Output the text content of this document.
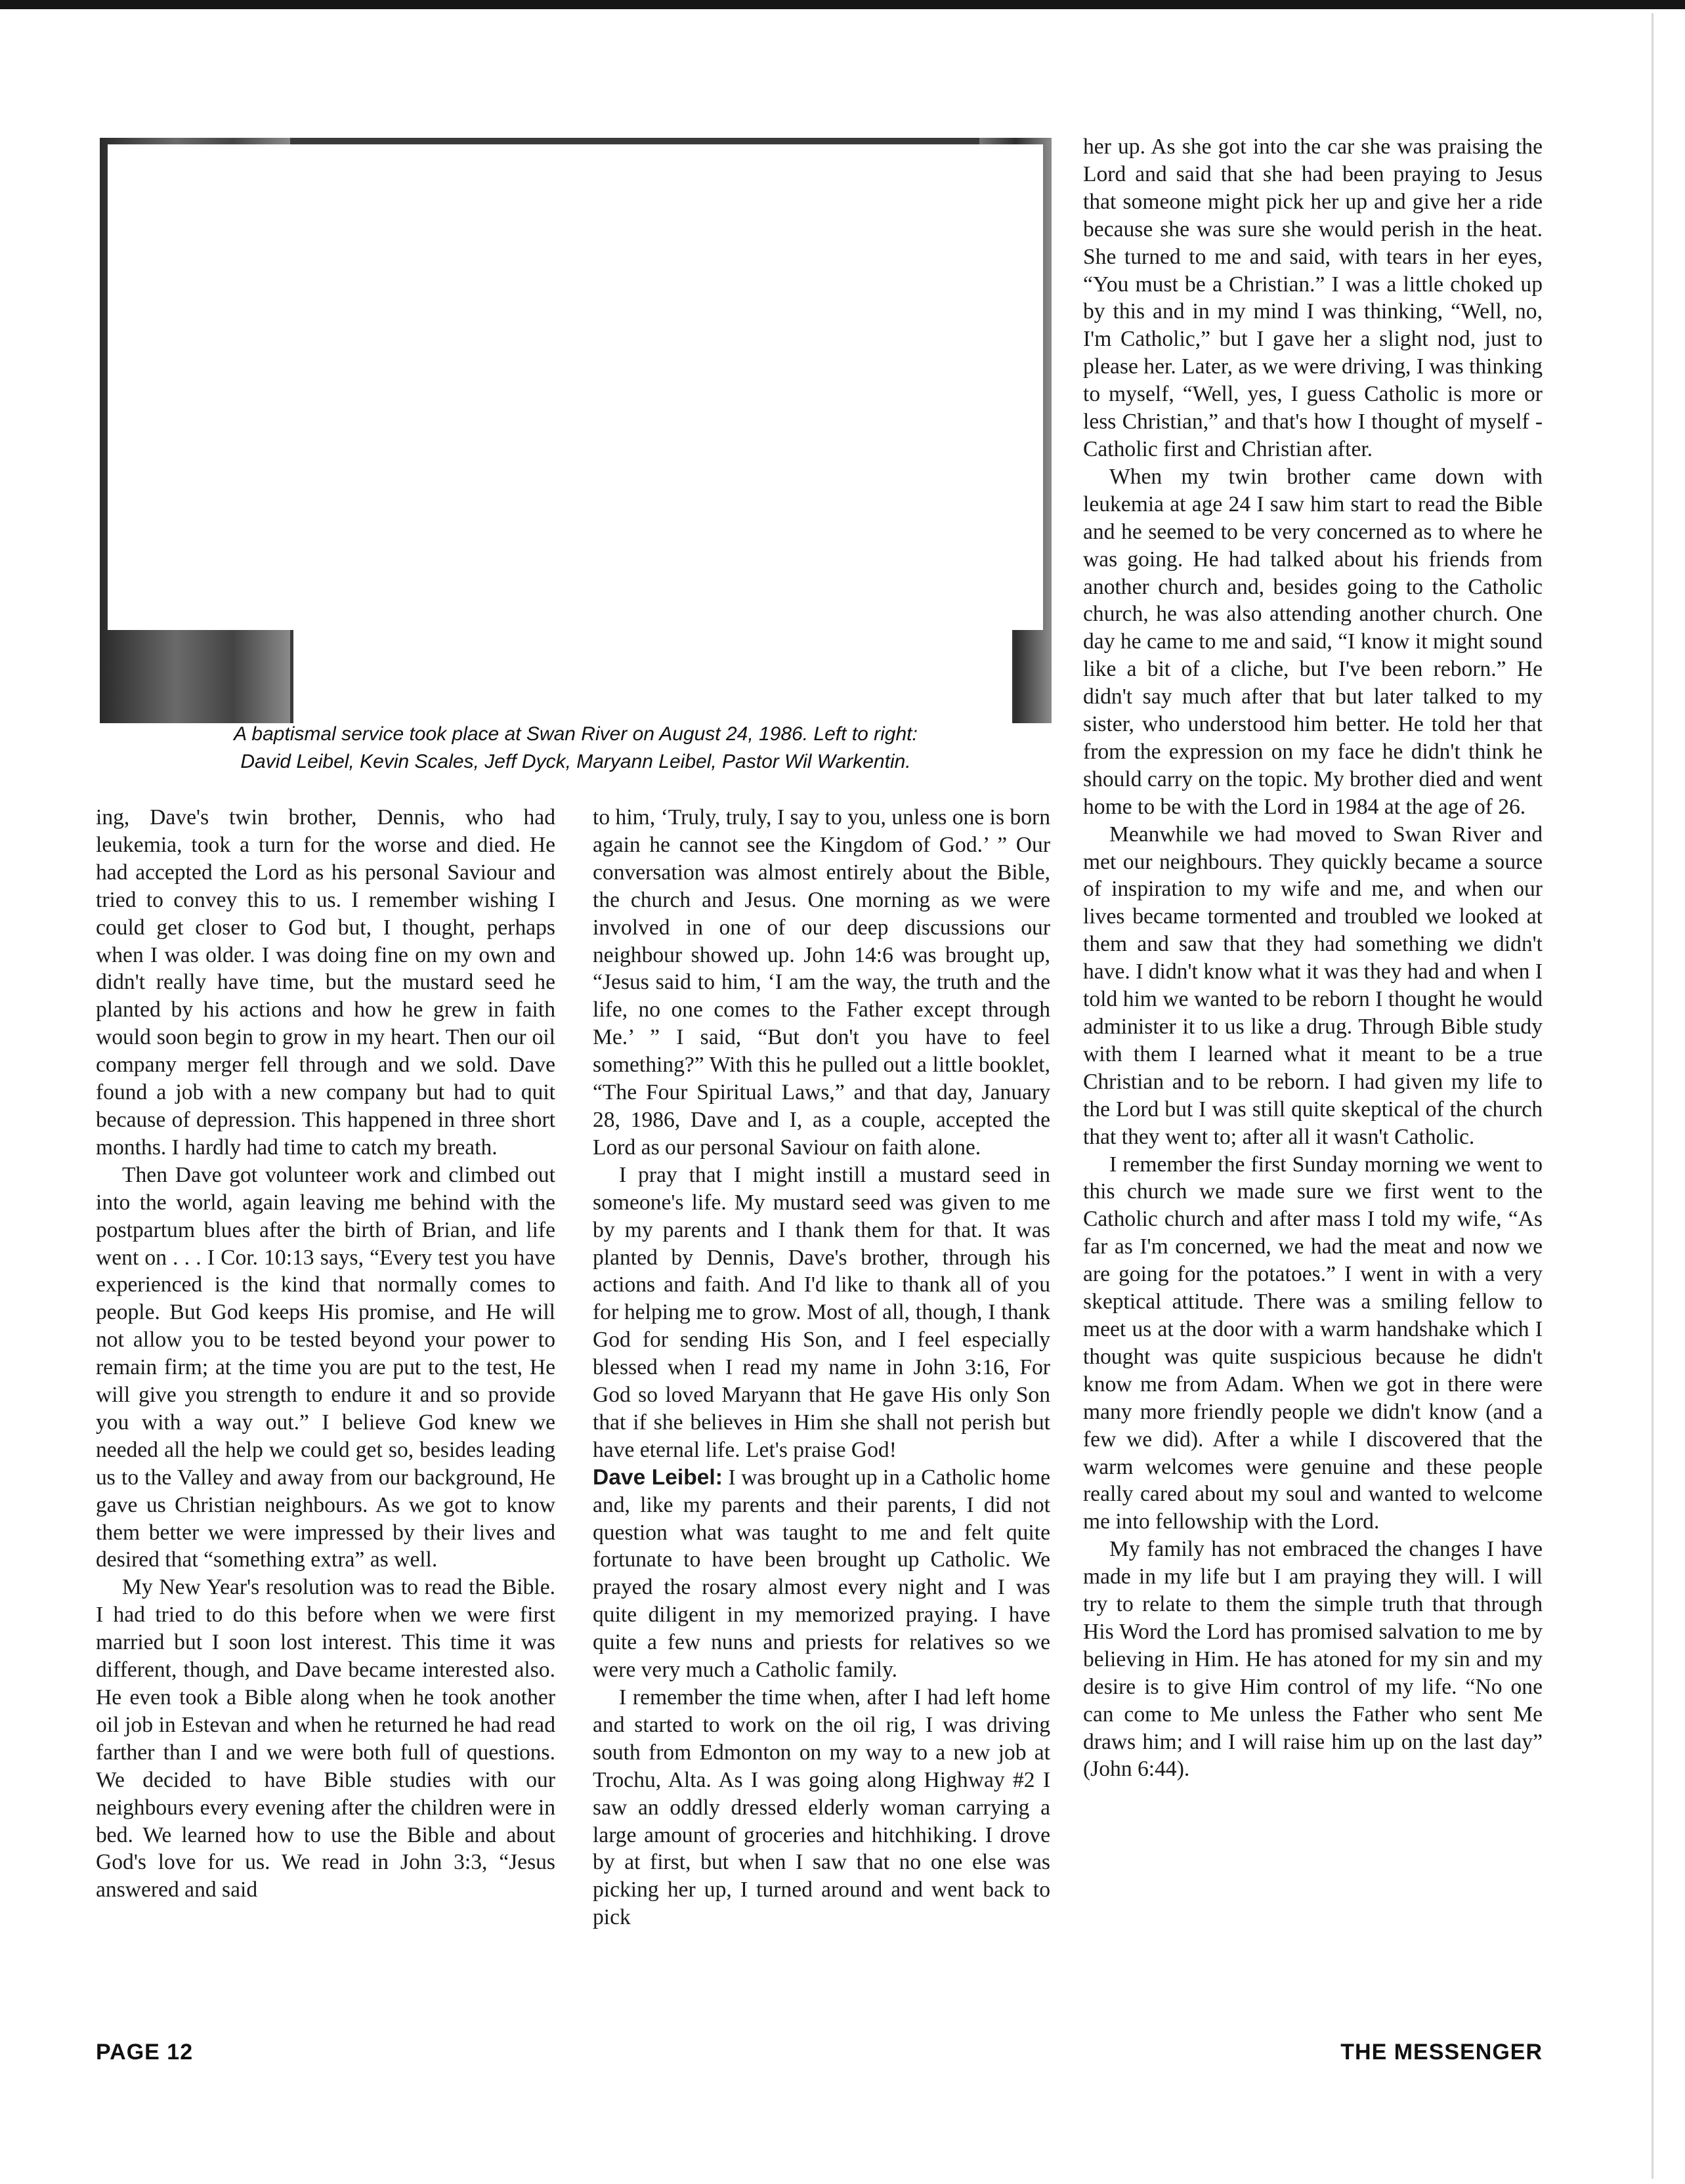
A baptismal service took place at Swan River on August 24, 1986. Left to right:
David Leibel, Kevin Scales, Jeff Dyck, Maryann Leibel, Pastor Wil Warkentin.

ing, Dave's twin brother, Dennis, who had leukemia, took a turn for the worse and died. He had accepted the Lord as his personal Saviour and tried to convey this to us. I remember wishing I could get closer to God but, I thought, perhaps when I was older. I was doing fine on my own and didn't really have time, but the mustard seed he planted by his actions and how he grew in faith would soon begin to grow in my heart. Then our oil company merger fell through and we sold. Dave found a job with a new company but had to quit because of depression. This happened in three short months. I hardly had time to catch my breath.

Then Dave got volunteer work and climbed out into the world, again leaving me behind with the postpartum blues after the birth of Brian, and life went on . . . I Cor. 10:13 says, “Every test you have experienced is the kind that normally comes to people. But God keeps His promise, and He will not allow you to be tested beyond your power to remain firm; at the time you are put to the test, He will give you strength to endure it and so provide you with a way out.” I believe God knew we needed all the help we could get so, besides leading us to the Valley and away from our background, He gave us Christian neighbours. As we got to know them better we were impressed by their lives and desired that “something extra” as well.

My New Year's resolution was to read the Bible. I had tried to do this before when we were first married but I soon lost interest. This time it was different, though, and Dave became interested also. He even took a Bible along when he took another oil job in Estevan and when he returned he had read farther than I and we were both full of questions. We decided to have Bible studies with our neighbours every evening after the children were in bed. We learned how to use the Bible and about God's love for us. We read in John 3:3, “Jesus answered and said

to him, ‘Truly, truly, I say to you, unless one is born again he cannot see the Kingdom of God.’ ” Our conversation was almost entirely about the Bible, the church and Jesus. One morning as we were involved in one of our deep discussions our neighbour showed up. John 14:6 was brought up, “Jesus said to him, ‘I am the way, the truth and the life, no one comes to the Father except through Me.’ ” I said, “But don't you have to feel something?” With this he pulled out a little booklet, “The Four Spiritual Laws,” and that day, January 28, 1986, Dave and I, as a couple, accepted the Lord as our personal Saviour on faith alone.

I pray that I might instill a mustard seed in someone's life. My mustard seed was given to me by my parents and I thank them for that. It was planted by Dennis, Dave's brother, through his actions and faith. And I'd like to thank all of you for helping me to grow. Most of all, though, I thank God for sending His Son, and I feel especially blessed when I read my name in John 3:16, For God so loved Maryann that He gave His only Son that if she believes in Him she shall not perish but have eternal life. Let's praise God!

Dave Leibel: I was brought up in a Catholic home and, like my parents and their parents, I did not question what was taught to me and felt quite fortunate to have been brought up Catholic. We prayed the rosary almost every night and I was quite diligent in my memorized praying. I have quite a few nuns and priests for relatives so we were very much a Catholic family.

I remember the time when, after I had left home and started to work on the oil rig, I was driving south from Edmonton on my way to a new job at Trochu, Alta. As I was going along Highway #2 I saw an oddly dressed elderly woman carrying a large amount of groceries and hitchhiking. I drove by at first, but when I saw that no one else was picking her up, I turned around and went back to pick

her up. As she got into the car she was praising the Lord and said that she had been praying to Jesus that someone might pick her up and give her a ride because she was sure she would perish in the heat. She turned to me and said, with tears in her eyes, “You must be a Christian.” I was a little choked up by this and in my mind I was thinking, “Well, no, I'm Catholic,” but I gave her a slight nod, just to please her. Later, as we were driving, I was thinking to myself, “Well, yes, I guess Catholic is more or less Christian,” and that's how I thought of myself - Catholic first and Christian after.

When my twin brother came down with leukemia at age 24 I saw him start to read the Bible and he seemed to be very concerned as to where he was going. He had talked about his friends from another church and, besides going to the Catholic church, he was also attending another church. One day he came to me and said, “I know it might sound like a bit of a cliche, but I've been reborn.” He didn't say much after that but later talked to my sister, who understood him better. He told her that from the expression on my face he didn't think he should carry on the topic. My brother died and went home to be with the Lord in 1984 at the age of 26.

Meanwhile we had moved to Swan River and met our neighbours. They quickly became a source of inspiration to my wife and me, and when our lives became tormented and troubled we looked at them and saw that they had something we didn't have. I didn't know what it was they had and when I told him we wanted to be reborn I thought he would administer it to us like a drug. Through Bible study with them I learned what it meant to be a true Christian and to be reborn. I had given my life to the Lord but I was still quite skeptical of the church that they went to; after all it wasn't Catholic.

I remember the first Sunday morning we went to this church we made sure we first went to the Catholic church and after mass I told my wife, “As far as I'm concerned, we had the meat and now we are going for the potatoes.” I went in with a very skeptical attitude. There was a smiling fellow to meet us at the door with a warm handshake which I thought was quite suspicious because he didn't know me from Adam. When we got in there were many more friendly people we didn't know (and a few we did). After a while I discovered that the warm welcomes were genuine and these people really cared about my soul and wanted to welcome me into fellowship with the Lord.

My family has not embraced the changes I have made in my life but I am praying they will. I will try to relate to them the simple truth that through His Word the Lord has promised salvation to me by believing in Him. He has atoned for my sin and my desire is to give Him control of my life. “No one can come to Me unless the Father who sent Me draws him; and I will raise him up on the last day” (John 6:44).

PAGE 12	THE MESSENGER
